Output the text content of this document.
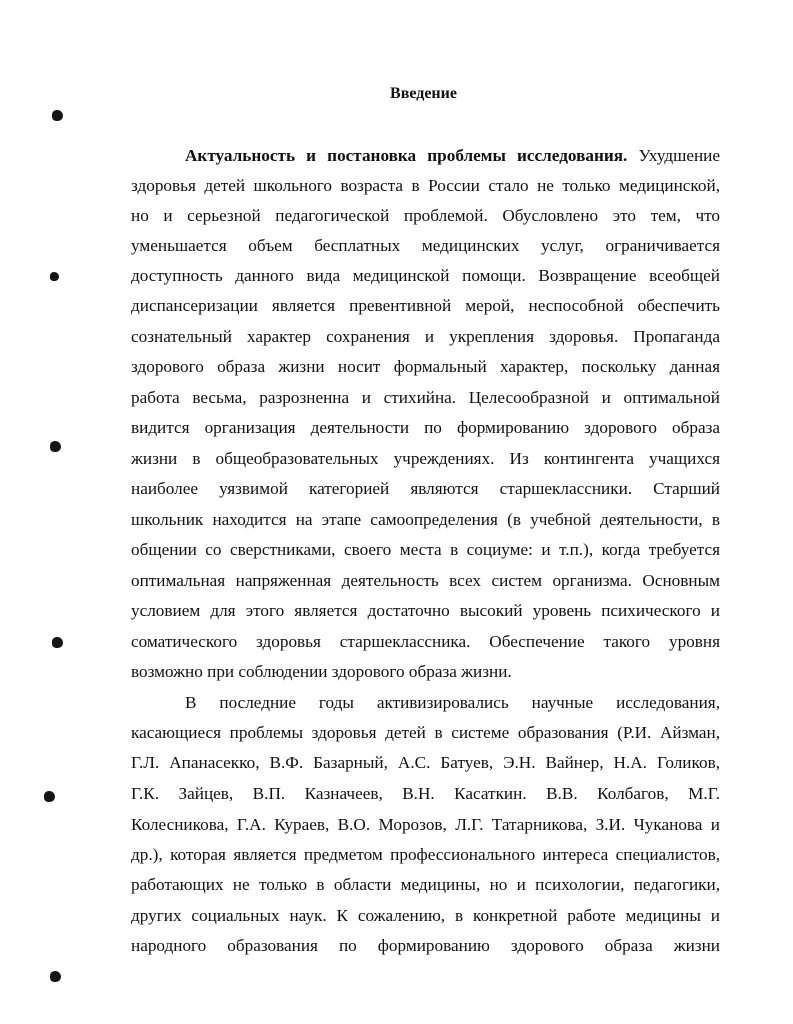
Введение
Актуальность и постановка проблемы исследования. Ухудшение
здоровья детей школьного возраста в России стало не только медицинской,
но и серьезной педагогической проблемой. Обусловлено это тем, что
уменьшается объем бесплатных медицинских услуг, ограничивается
доступность данного вида медицинской помощи. Возвращение всеобщей
диспансеризации является превентивной мерой, неспособной обеспечить
сознательный характер сохранения и укрепления здоровья. Пропаганда
здорового образа жизни носит формальный характер, поскольку данная
работа весьма, разрозненна и стихийна. Целесообразной и оптимальной
видится организация деятельности по формированию здорового образа
жизни в общеобразовательных учреждениях. Из контингента учащихся
наиболее уязвимой категорией являются старшеклассники. Старший
школьник находится на этапе самоопределения (в учебной деятельности, в
общении со сверстниками, своего места в социуме: и т.п.), когда требуется
оптимальная напряженная деятельность всех систем организма. Основным
условием для этого является достаточно высокий уровень психического и
соматического здоровья старшеклассника. Обеспечение такого уровня
возможно при соблюдении здорового образа жизни.
В последние годы активизировались научные исследования,
касающиеся проблемы здоровья детей в системе образования (Р.И. Айзман,
Г.Л. Апанасекко, В.Ф. Базарный, А.С. Батуев, Э.Н. Вайнер, Н.А. Голиков,
Г.К. Зайцев, В.П. Казначеев, В.Н. Касаткин. В.В. Колбагов, М.Г.
Колесникова, Г.А. Кураев, В.О. Морозов, Л.Г. Татарникова, З.И. Чуканова и
др.), которая является предметом профессионального интереса специалистов,
работающих не только в области медицины, но и психологии, педагогики,
других социальных наук. К сожалению, в конкретной работе медицины и
народного образования по формированию здорового образа жизни
